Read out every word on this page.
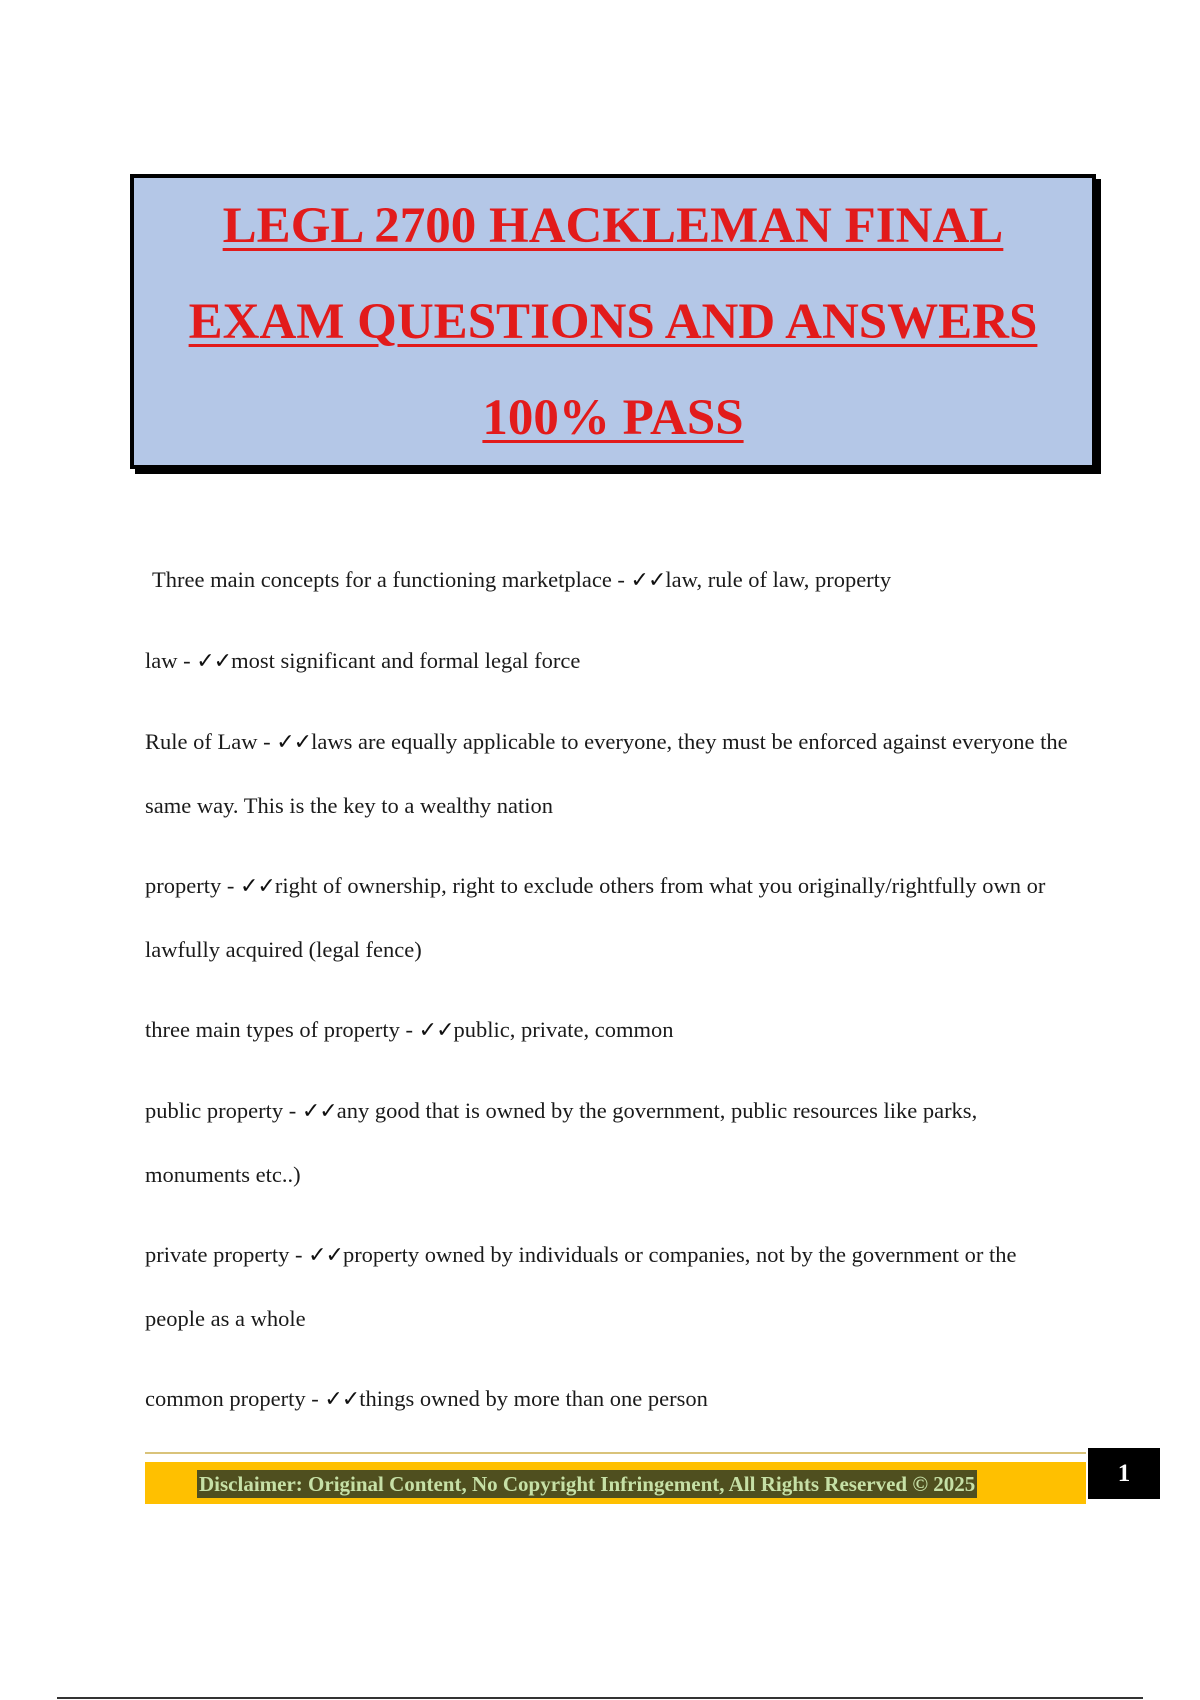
LEGL 2700 HACKLEMAN FINAL
EXAM QUESTIONS AND ANSWERS
100% PASS
Three main concepts for a functioning marketplace - ✓✓law, rule of law, property
law - ✓✓most significant and formal legal force
Rule of Law - ✓✓laws are equally applicable to everyone, they must be enforced against everyone the same way. This is the key to a wealthy nation
property - ✓✓right of ownership, right to exclude others from what you originally/rightfully own or lawfully acquired (legal fence)
three main types of property - ✓✓public, private, common
public property - ✓✓any good that is owned by the government, public resources like parks, monuments etc..)
private property - ✓✓property owned by individuals or companies, not by the government or the people as a whole
common property - ✓✓things owned by more than one person
Disclaimer: Original Content, No Copyright Infringement, All Rights Reserved © 2025	1
